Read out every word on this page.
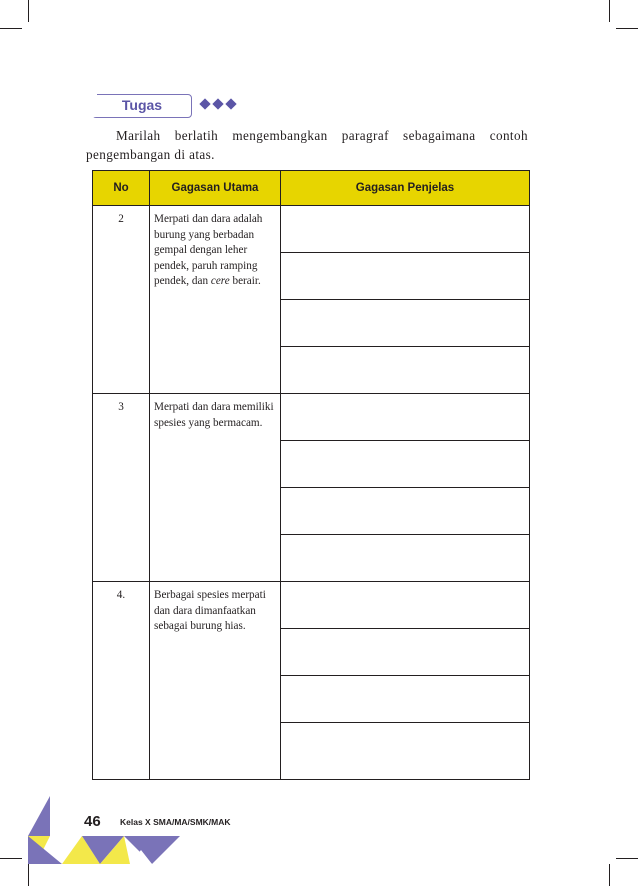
Tugas
Marilah berlatih mengembangkan paragraf sebagaimana contoh
pengembangan di atas.
No	Gagasan Utama	Gagasan Penjelas
2	Merpati dan dara adalah burung yang berbadan gempal dengan leher pendek, paruh ramping pendek, dan cere berair.	

3	Merpati dan dara memiliki spesies yang bermacam.	

4.	Berbagai spesies merpati dan dara dimanfaatkan sebagai burung hias.	

46 Kelas X SMA/MA/SMK/MAK
